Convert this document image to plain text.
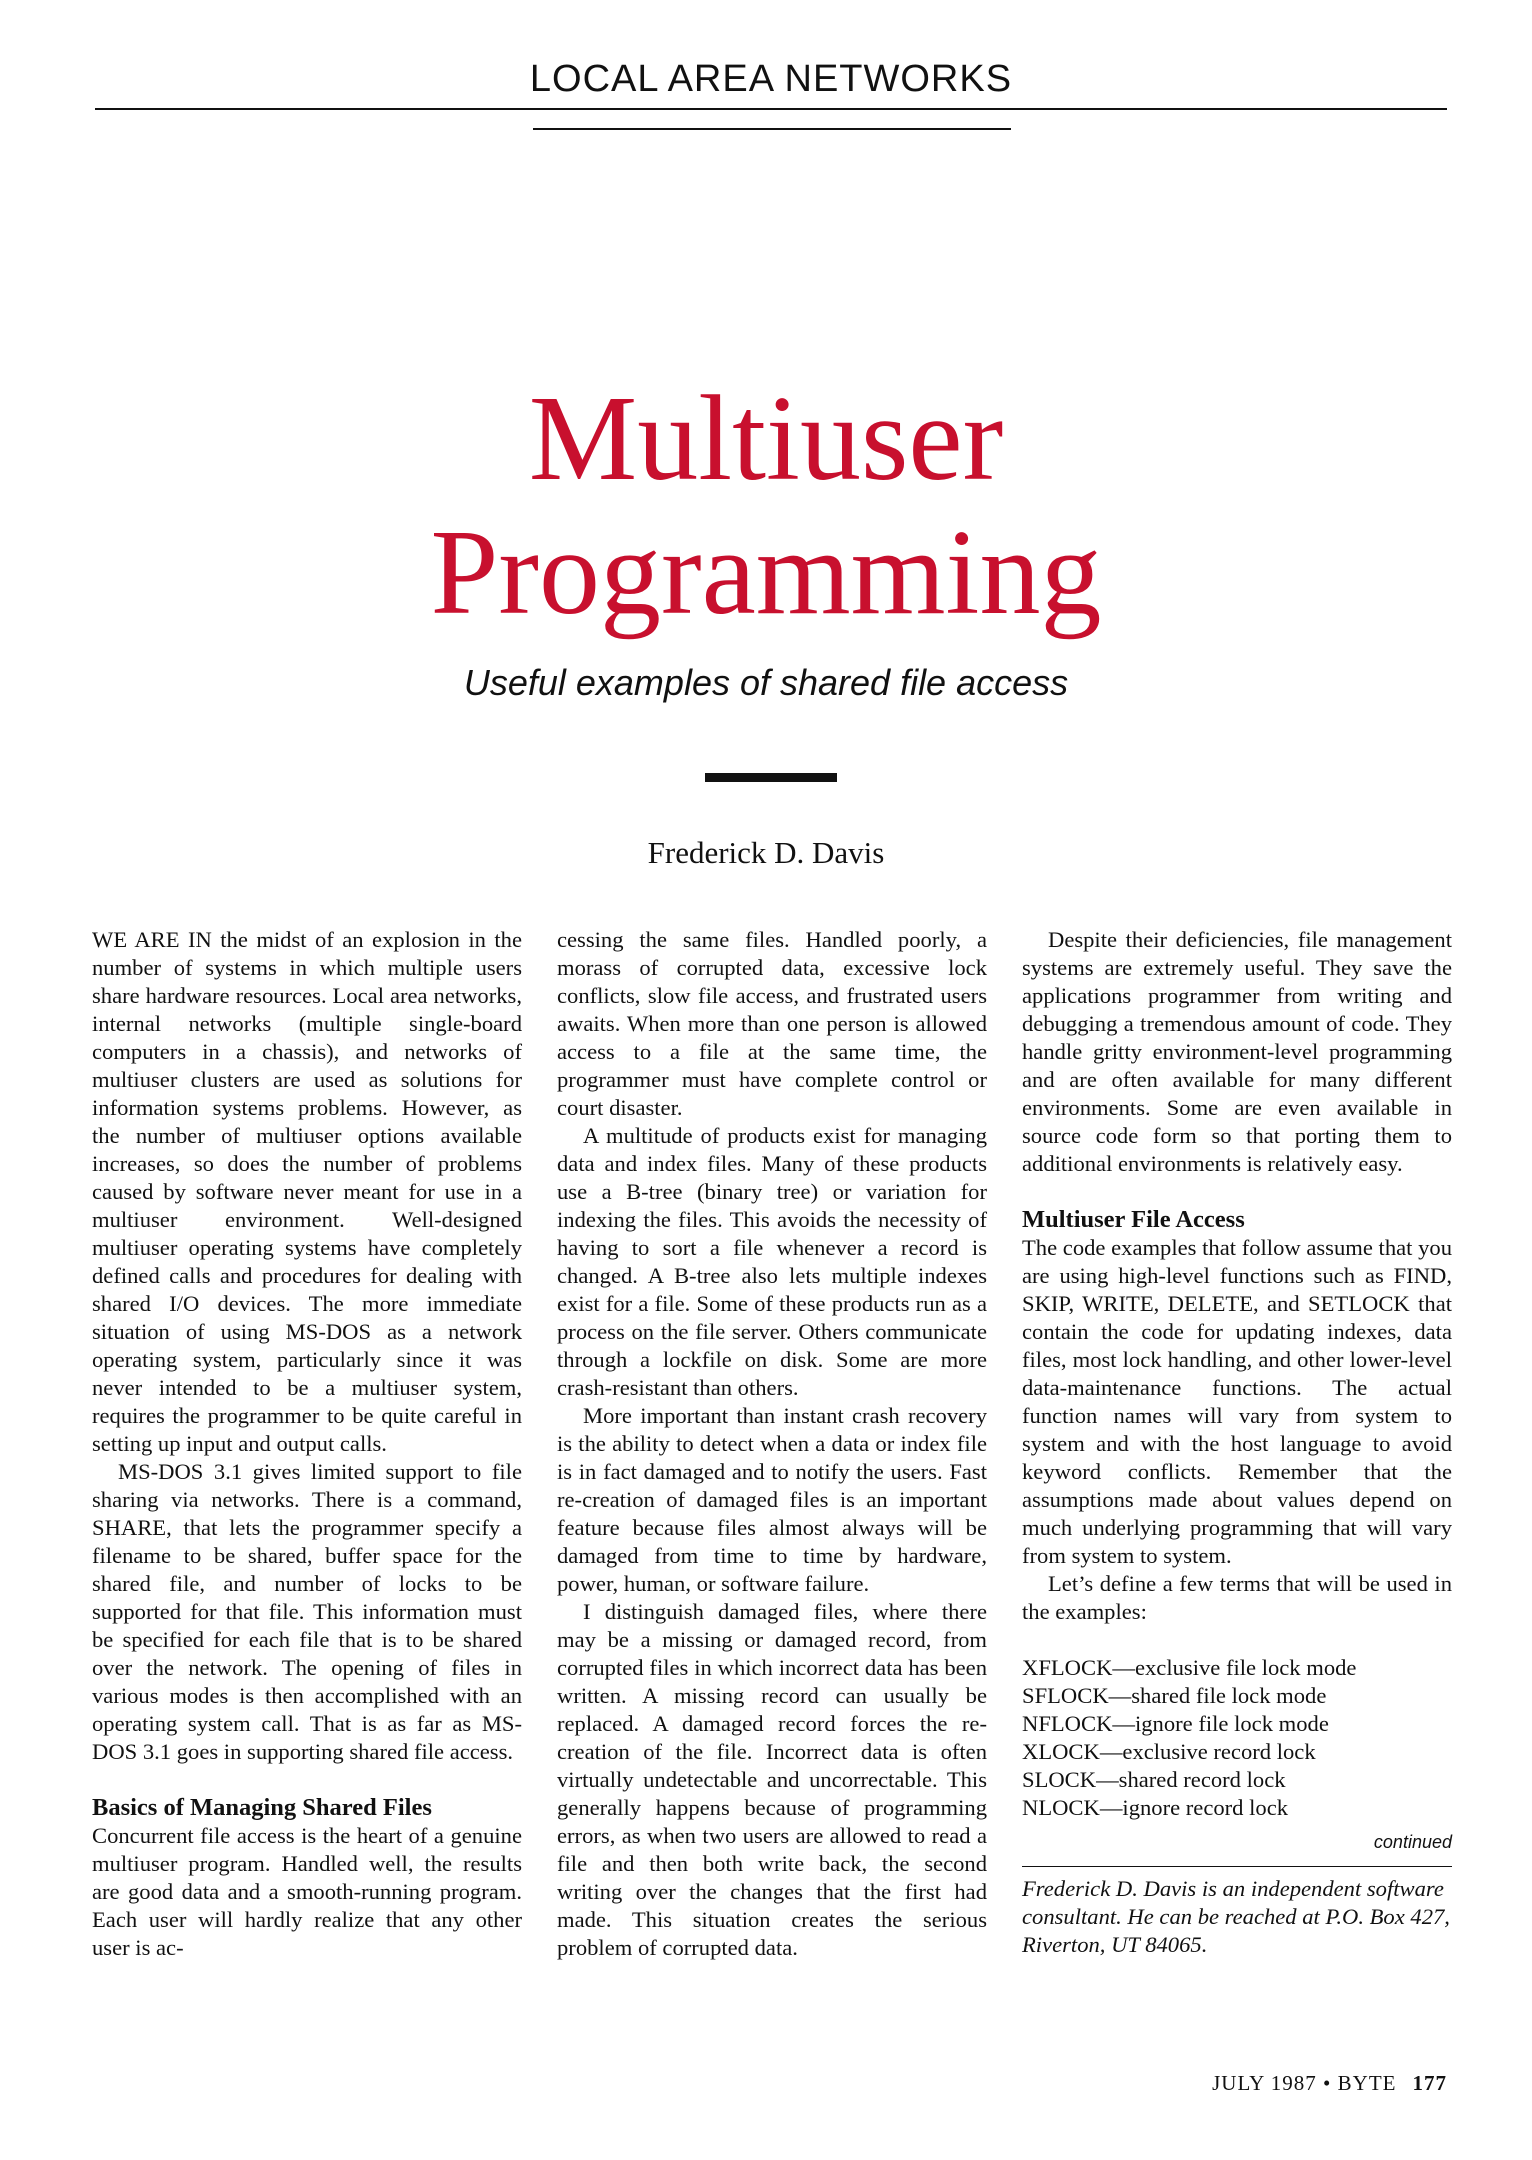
LOCAL AREA NETWORKS
Multiuser
Programming
Useful examples of shared file access
Frederick D. Davis

WE ARE IN the midst of an explosion in the number of systems in which multiple users share hardware resources. Local area networks, internal networks (multiple single-board computers in a chassis), and networks of multiuser clusters are used as solutions for information systems problems. However, as the number of multiuser options available increases, so does the number of problems caused by software never meant for use in a multiuser environment. Well-designed multiuser operating systems have completely defined calls and procedures for dealing with shared I/O devices. The more immediate situation of using MS-DOS as a network operating system, particularly since it was never intended to be a multiuser system, requires the programmer to be quite careful in setting up input and output calls.

MS-DOS 3.1 gives limited support to file sharing via networks. There is a command, SHARE, that lets the programmer specify a filename to be shared, buffer space for the shared file, and number of locks to be supported for that file. This information must be specified for each file that is to be shared over the network. The opening of files in various modes is then accomplished with an operating system call. That is as far as MS-DOS 3.1 goes in supporting shared file access.

Basics of Managing Shared Files

Concurrent file access is the heart of a genuine multiuser program. Handled well, the results are good data and a smooth-running program. Each user will hardly realize that any other user is ac-

cessing the same files. Handled poorly, a morass of corrupted data, excessive lock conflicts, slow file access, and frustrated users awaits. When more than one person is allowed access to a file at the same time, the programmer must have complete control or court disaster.

A multitude of products exist for managing data and index files. Many of these products use a B-tree (binary tree) or variation for indexing the files. This avoids the necessity of having to sort a file whenever a record is changed. A B-tree also lets multiple indexes exist for a file. Some of these products run as a process on the file server. Others communicate through a lockfile on disk. Some are more crash-resistant than others.

More important than instant crash recovery is the ability to detect when a data or index file is in fact damaged and to notify the users. Fast re-creation of damaged files is an important feature because files almost always will be damaged from time to time by hardware, power, human, or software failure.

I distinguish damaged files, where there may be a missing or damaged record, from corrupted files in which incorrect data has been written. A missing record can usually be replaced. A damaged record forces the re-creation of the file. Incorrect data is often virtually undetectable and uncorrectable. This generally happens because of programming errors, as when two users are allowed to read a file and then both write back, the second writing over the changes that the first had made. This situation creates the serious problem of corrupted data.

Despite their deficiencies, file management systems are extremely useful. They save the applications programmer from writing and debugging a tremendous amount of code. They handle gritty environment-level programming and are often available for many different environments. Some are even available in source code form so that porting them to additional environments is relatively easy.

Multiuser File Access

The code examples that follow assume that you are using high-level functions such as FIND, SKIP, WRITE, DELETE, and SETLOCK that contain the code for updating indexes, data files, most lock handling, and other lower-level data-maintenance functions. The actual function names will vary from system to system and with the host language to avoid keyword conflicts. Remember that the assumptions made about values depend on much underlying programming that will vary from system to system.

Let’s define a few terms that will be used in the examples:

XFLOCK—exclusive file lock mode
SFLOCK—shared file lock mode
NFLOCK—ignore file lock mode
XLOCK—exclusive record lock
SLOCK—shared record lock
NLOCK—ignore record lock
continued
Frederick D. Davis is an independent software consultant. He can be reached at P.O. Box 427, Riverton, UT 84065.
JULY 1987 • BYTE 177
